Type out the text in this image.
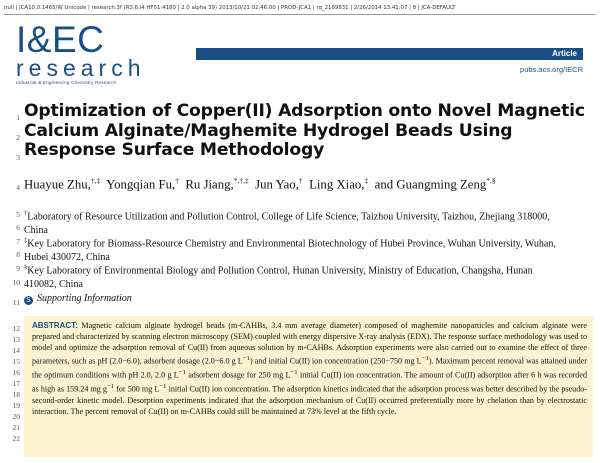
null | JCA10.0.1465/W Unicode | research.3f (R3.6.i4 HF01:4180 | 2.0 alpha 39) 2013/10/21 02:46:00 | PROD-JCA1 | rq_2169831 | 2/26/2014 13:41:07 | 8 | JCA-DEFAULT
I&EC
research
Industrial & Engineering Chemistry Research
Article
pubs.acs.org/IECR
1
2
3
4
5
6
7
8
9
10
12
13
14
15
16
17
18
19
20
21
22
11
Optimization of Copper(II) Adsorption onto Novel Magnetic Calcium Alginate/Maghemite Hydrogel Beads Using Response Surface Methodology
Huayue Zhu,†,‡ Yongqian Fu,† Ru Jiang,*,†,‡ Jun Yao,† Ling Xiao,‡ and Guangming Zeng*,§
†Laboratory of Resource Utilization and Pollution Control, College of Life Science, Taizhou University, Taizhou, Zhejiang 318000,
China
‡Key Laboratory for Biomass-Resource Chemistry and Environmental Biotechnology of Hubei Province, Wuhan University, Wuhan,
Hubei 430072, China
§Key Laboratory of Environmental Biology and Pollution Control, Hunan University, Ministry of Education, Changsha, Hunan
410082, China
S Supporting Information

ABSTRACT: Magnetic calcium alginate hydrogel beads (m-CAHBs, 3.4 mm average diameter) composed of maghemite nanoparticles and calcium alginate were prepared and characterized by scanning electron microscopy (SEM) coupled with energy dispersive X-ray analysis (EDX). The response surface methodology was used to model and optimize the adsorption removal of Cu(II) from aqueous solution by m-CAHBs. Adsorption experiments were also carried out to examine the effect of three parameters, such as pH (2.0−6.0), adsorbent dosage (2.0−6.0 g $L^{-1}$) and initial Cu(II) ion concentration (250−750 mg $L^{-1}$). Maximum percent removal was attained under the optimum conditions with pH 2.0, 2.0 g $L^{-1}$ adsorbent dosage for 250 mg $L^{-1}$ initial Cu(II) ion concentration. The amount of Cu(II) adsorption after 6 h was recorded as high as 159.24 mg $g^{-1}$ for 500 mg $L^{-1}$ initial Cu(II) ion concentration. The adsorption kinetics indicated that the adsorption process was better described by the pseudo-second-order kinetic model. Desorption experiments indicated that the adsorption mechanism of Cu(II) occurred preferentially more by chelation than by electrostatic interaction. The percent removal of Cu(II) on m-CAHBs could still be maintained at 73% level at the fifth cycle.
